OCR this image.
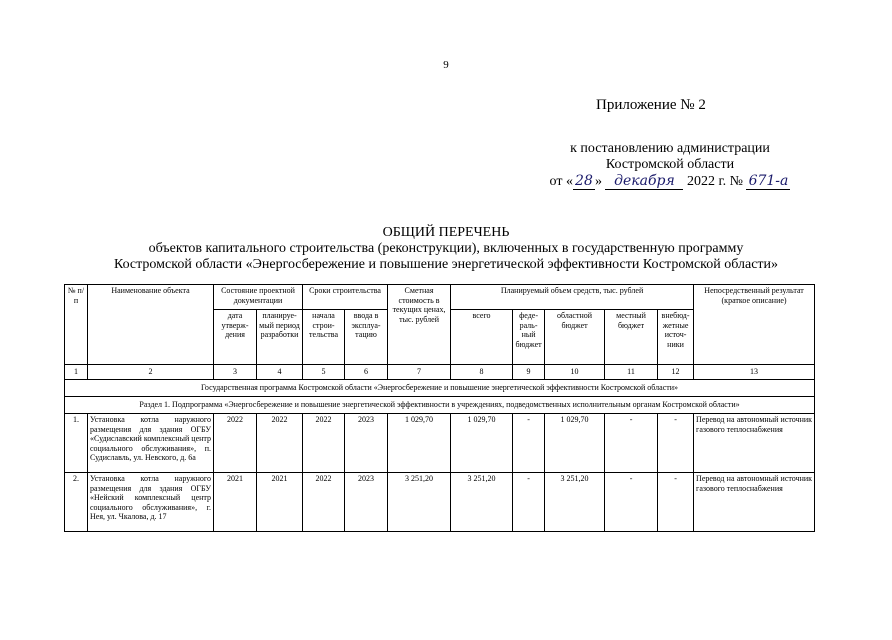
9
Приложение № 2
к постановлению администрации
Костромской области
от « 28 » декабря 2022 г. № 671-а
ОБЩИЙ ПЕРЕЧЕНЬ
объектов капитального строительства (реконструкции), включенных в государственную программу
Костромской области «Энергосбережение и повышение энергетической эффективности Костромской области»
№ п/п	Наименование объекта	Состояние проектной документации		Сроки строительства		Сметная стоимость в текущих ценах, тыс. рублей	Планируемый объем средств, тыс. рублей					Непосредственный результат (краткое описание)
		дата утверж-дения	планируе-мый период разработки	начала строи-тельства	ввода в эксплуа-тацию		всего	феде-раль-ный бюджет	областной бюджет	местный бюджет	внебюд-жетные источ-ники	
1	2	3	4	5	6	7	8	9	10	11	12	13
Государственная программа Костромской области «Энергосбережение и повышение энергетической эффективности Костромской области»												
Раздел 1. Подпрограмма «Энергосбережение и повышение энергетической эффективности в учреждениях, подведомственных исполнительным органам Костромской области»												
1.	Установка котла наружного размещения для здания ОГБУ «Судиславский комплексный центр социального обслуживания», п. Судиславль, ул. Невского, д. 6а	2022	2022	2022	2023	1 029,70	1 029,70	-	1 029,70	-	-	Перевод на автономный источник газового теплоснабжения
2.	Установка котла наружного размещения для здания ОГБУ «Нейский комплексный центр социального обслуживания», г. Нея, ул. Чкалова, д. 17	2021	2021	2022	2023	3 251,20	3 251,20	-	3 251,20	-	-	Перевод на автономный источник газового теплоснабжения
